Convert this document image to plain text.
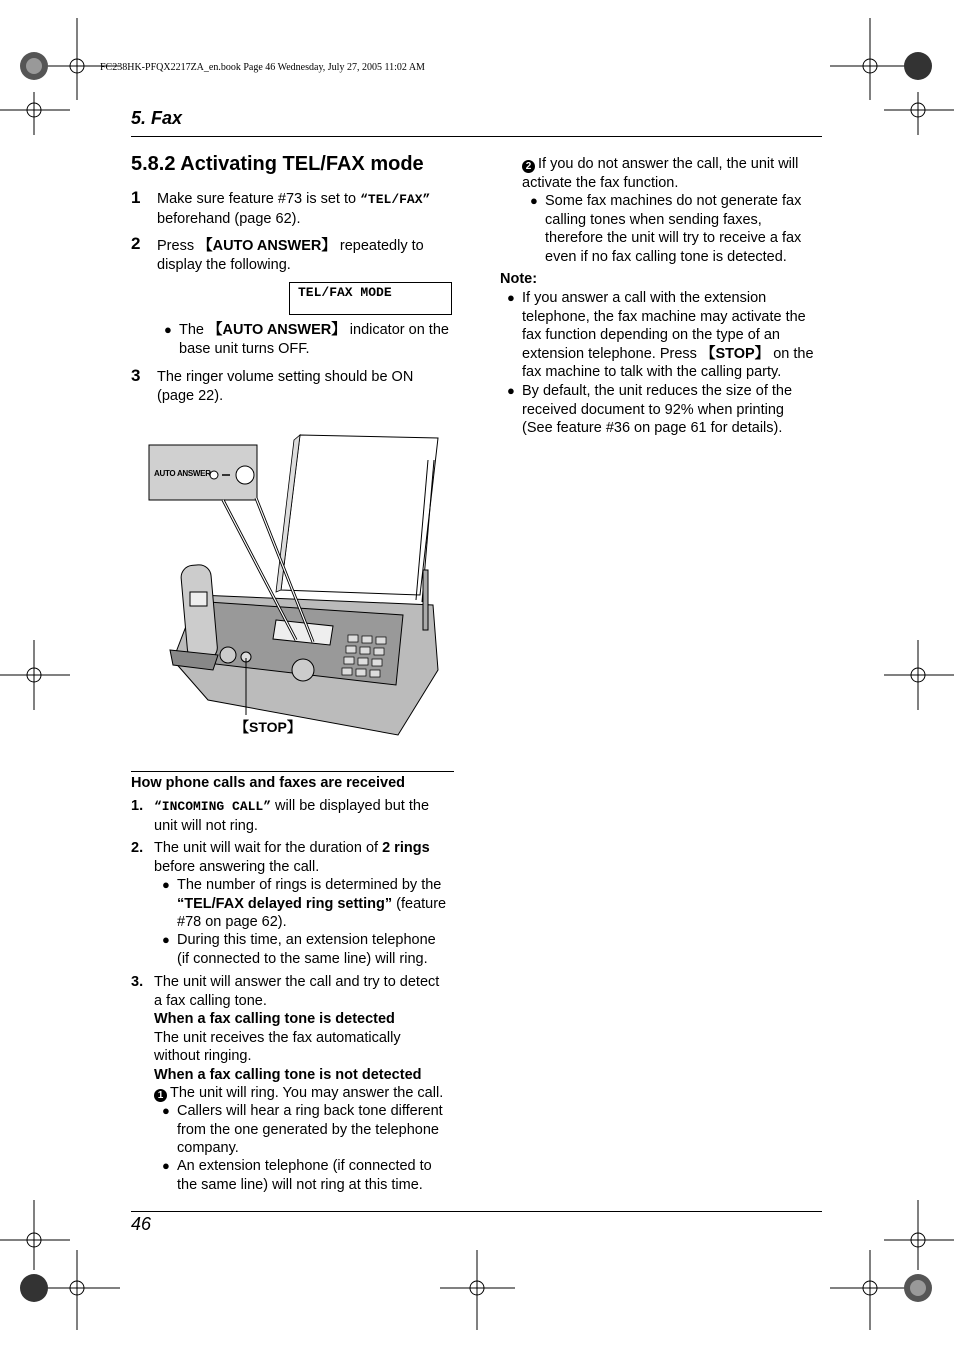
FC238HK-PFQX2217ZA_en.book Page 46 Wednesday, July 27, 2005 11:02 AM
5. Fax
5.8.2 Activating TEL/FAX mode
1 Make sure feature #73 is set to “TEL/FAX”
beforehand (page 62).
2 Press 【AUTO ANSWER】 repeatedly to
display the following.
TEL/FAX MODE
● The 【AUTO ANSWER】 indicator on the
base unit turns OFF.
3 The ringer volume setting should be ON
(page 22).
AUTO ANSWER
【STOP】
How phone calls and faxes are received
1. “INCOMING CALL” will be displayed but the
unit will not ring.
2. The unit will wait for the duration of 2 rings
before answering the call.
● The number of rings is determined by the
“TEL/FAX delayed ring setting” (feature
#78 on page 62).
● During this time, an extension telephone
(if connected to the same line) will ring.
3. The unit will answer the call and try to detect
a fax calling tone.
When a fax calling tone is detected
The unit receives the fax automatically
without ringing.
When a fax calling tone is not detected
1 The unit will ring. You may answer the call.
● Callers will hear a ring back tone different
from the one generated by the telephone
company.
● An extension telephone (if connected to
the same line) will not ring at this time.
2 If you do not answer the call, the unit will
activate the fax function.
● Some fax machines do not generate fax
calling tones when sending faxes,
therefore the unit will try to receive a fax
even if no fax calling tone is detected.
Note:
● If you answer a call with the extension
telephone, the fax machine may activate the
fax function depending on the type of an
extension telephone. Press 【STOP】 on the
fax machine to talk with the calling party.
● By default, the unit reduces the size of the
received document to 92% when printing
(See feature #36 on page 61 for details).
46
